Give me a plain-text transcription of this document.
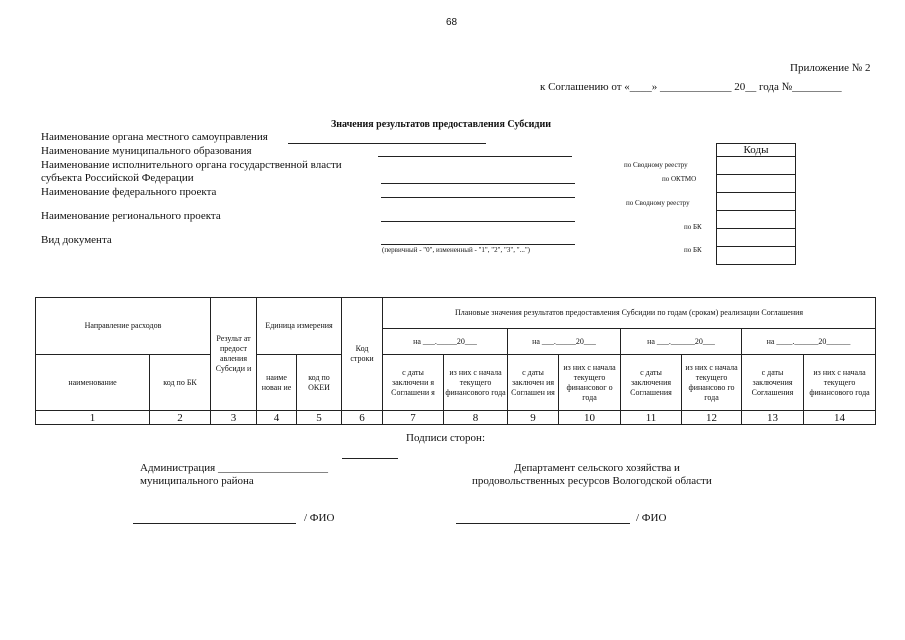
68
Приложение № 2
к Соглашению от «____» _____________ 20__ года №_________
Значения результатов предоставления Субсидии
Наименование органа местного самоуправления
Наименование муниципального образования
Наименование исполнительного органа государственной власти
субъекта Российской Федерации
Наименование федерального проекта
Наименование регионального проекта
Вид документа
(первичный - "0", измененный - "1", "2", "3", "...")
по Сводному реестру
по ОКТМО
по Сводному реестру
по БК
по БК
Коды

Направление расходов		Результ ат предост авления Субсиди и	Единица измерения		Код строки	Плановые значения результатов предоставления Субсидии по годам (срокам) реализации Соглашения							
						на ___._____20___		на ___._____20___		на ___.______20___		на ____.______20______	
наименование	код по БК		наиме нован ие	код по ОКЕИ		с даты заключени я Соглашени я	из них с начала текущего финансового года	с даты заключен ия Соглашен ия	из них с начала текущего финансовог о года	с даты заключения Соглашения	из них с начала текущего финансово го года	с даты заключения Соглашения	из них с начала текущего финансового года
1	2	3	4	5	6	7	8	9	10	11	12	13	14
Подписи сторон:
Администрация ____________________
муниципального района
Департамент сельского хозяйства и
продовольственных ресурсов Вологодской области
/ ФИО	/ ФИО
